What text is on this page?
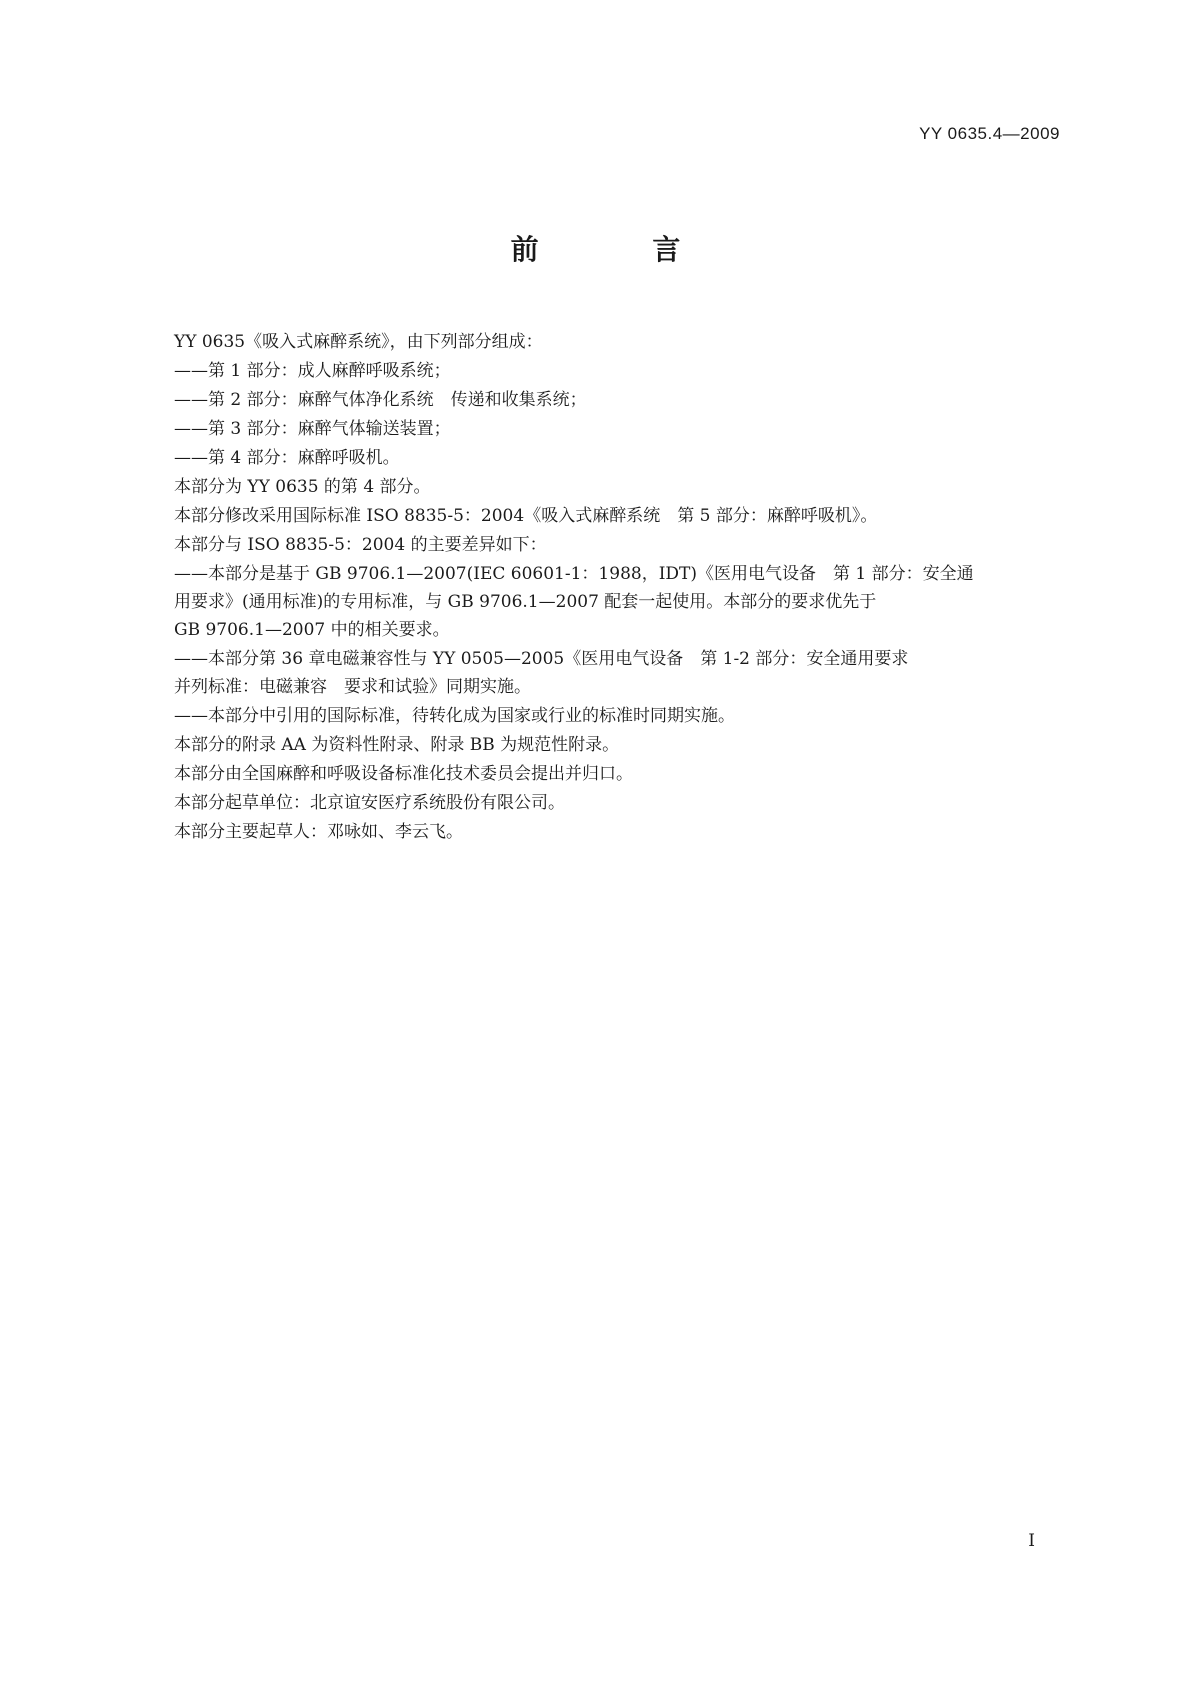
YY 0635.4—2009
前 言
YY 0635《吸入式麻醉系统》，由下列部分组成：
——第 1 部分：成人麻醉呼吸系统；
——第 2 部分：麻醉气体净化系统　传递和收集系统；
——第 3 部分：麻醉气体输送装置；
——第 4 部分：麻醉呼吸机。
本部分为 YY 0635 的第 4 部分。
本部分修改采用国际标准 ISO 8835-5：2004《吸入式麻醉系统　第 5 部分：麻醉呼吸机》。
本部分与 ISO 8835-5：2004 的主要差异如下：
——本部分是基于 GB 9706.1—2007(IEC 60601-1：1988，IDT)《医用电气设备　第 1 部分：安全通
用要求》(通用标准)的专用标准，与 GB 9706.1—2007 配套一起使用。本部分的要求优先于
GB 9706.1—2007 中的相关要求。
——本部分第 36 章电磁兼容性与 YY 0505—2005《医用电气设备　第 1-2 部分：安全通用要求
并列标准：电磁兼容　要求和试验》同期实施。
——本部分中引用的国际标准，待转化成为国家或行业的标准时同期实施。
本部分的附录 AA 为资料性附录、附录 BB 为规范性附录。
本部分由全国麻醉和呼吸设备标准化技术委员会提出并归口。
本部分起草单位：北京谊安医疗系统股份有限公司。
本部分主要起草人：邓咏如、李云飞。
I
